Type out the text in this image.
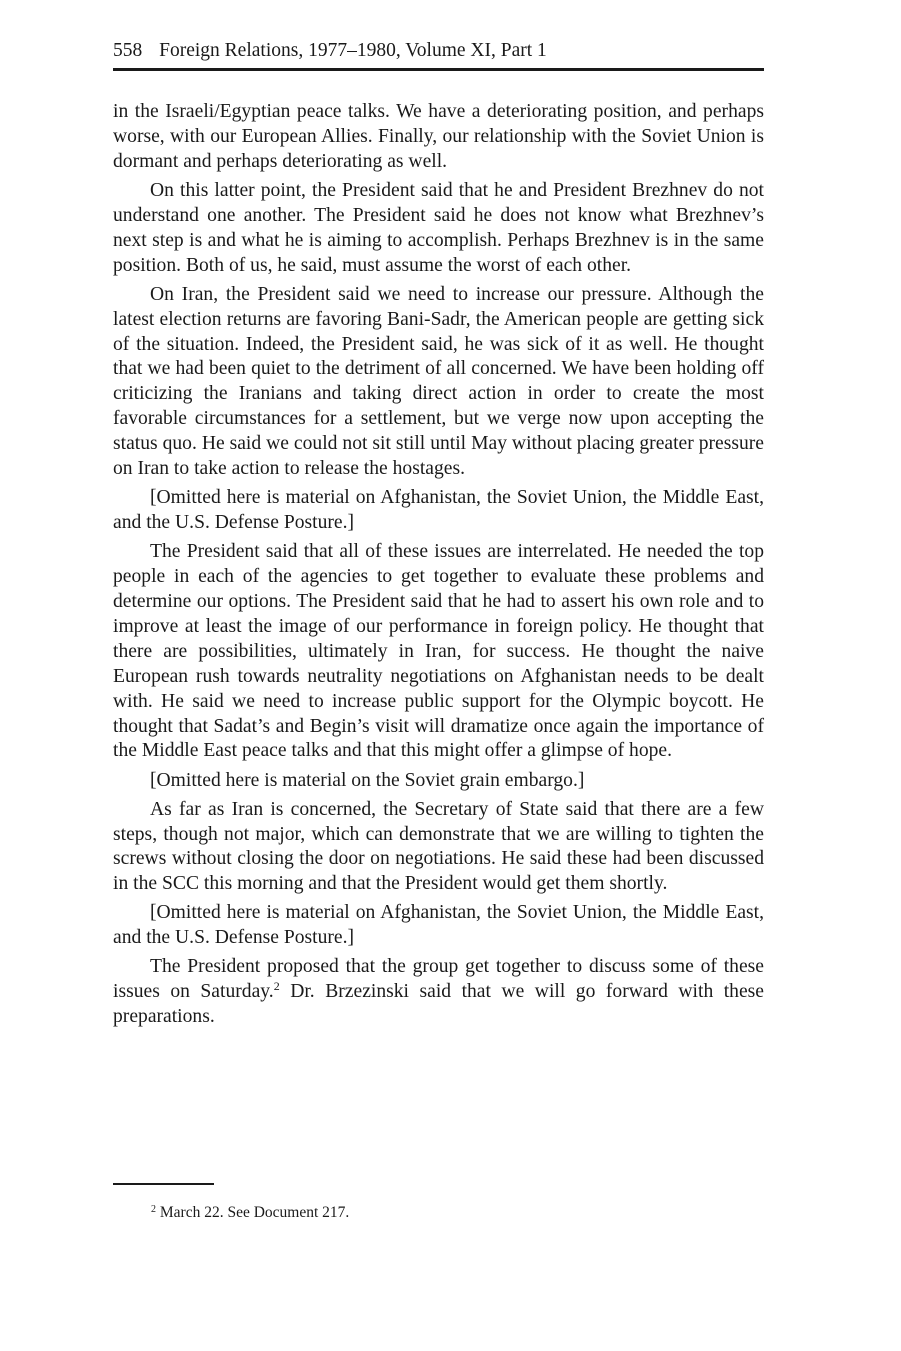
558 Foreign Relations, 1977–1980, Volume XI, Part 1

in the Israeli/Egyptian peace talks. We have a deteriorating position, and perhaps worse, with our European Allies. Finally, our relationship with the Soviet Union is dormant and perhaps deteriorating as well.

On this latter point, the President said that he and President Brezhnev do not understand one another. The President said he does not know what Brezhnev’s next step is and what he is aiming to accomplish. Perhaps Brezhnev is in the same position. Both of us, he said, must assume the worst of each other.

On Iran, the President said we need to increase our pressure. Although the latest election returns are favoring Bani-Sadr, the American people are getting sick of the situation. Indeed, the President said, he was sick of it as well. He thought that we had been quiet to the detriment of all concerned. We have been holding off criticizing the Iranians and taking direct action in order to create the most favorable circumstances for a settlement, but we verge now upon accepting the status quo. He said we could not sit still until May without placing greater pressure on Iran to take action to release the hostages.

[Omitted here is material on Afghanistan, the Soviet Union, the Middle East, and the U.S. Defense Posture.]

The President said that all of these issues are interrelated. He needed the top people in each of the agencies to get together to evaluate these problems and determine our options. The President said that he had to assert his own role and to improve at least the image of our performance in foreign policy. He thought that there are possibilities, ultimately in Iran, for success. He thought the naive European rush towards neutrality negotiations on Afghanistan needs to be dealt with. He said we need to increase public support for the Olympic boycott. He thought that Sadat’s and Begin’s visit will dramatize once again the importance of the Middle East peace talks and that this might offer a glimpse of hope.

[Omitted here is material on the Soviet grain embargo.]

As far as Iran is concerned, the Secretary of State said that there are a few steps, though not major, which can demonstrate that we are willing to tighten the screws without closing the door on negotiations. He said these had been discussed in the SCC this morning and that the President would get them shortly.

[Omitted here is material on Afghanistan, the Soviet Union, the Middle East, and the U.S. Defense Posture.]

The President proposed that the group get together to discuss some of these issues on Saturday.$^2$ Dr. Brzezinski said that we will go forward with these preparations.

$^2$ March 22. See Document 217.
